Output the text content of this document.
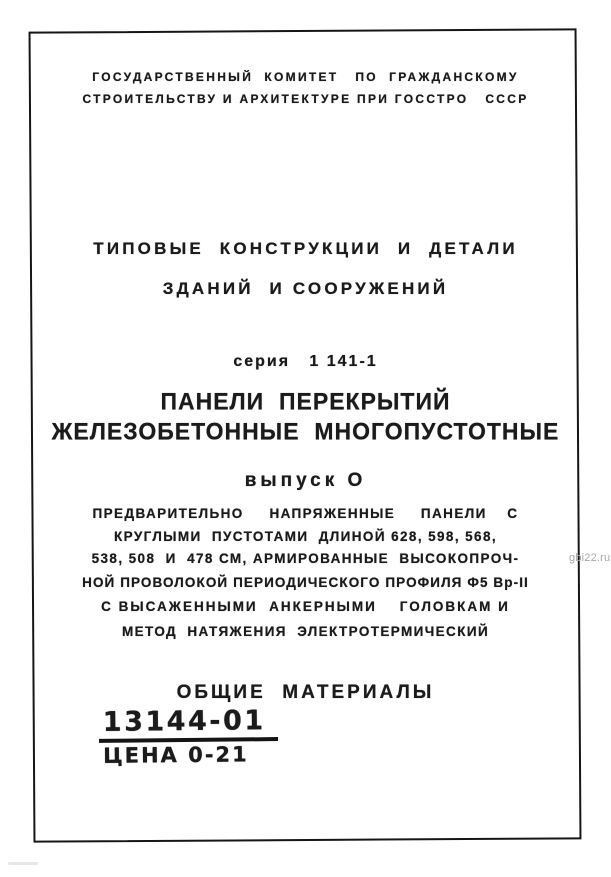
ГОСУДАРСТВЕННЫЙ  КОМИТЕТ   ПО  ГРАЖДАНСКОМУ
СТРОИТЕЛЬСТВУ И АРХИТЕКТУРЕ ПРИ ГОССТРО   СССР
ТИПОВЫЕ  КОНСТРУКЦИИ  И  ДЕТАЛИ
ЗДАНИЙ  И СООРУЖЕНИЙ
серия   1 141-1
ПАНЕЛИ  ПЕРЕКРЫТИЙ
ЖЕЛЕЗОБЕТОННЫЕ  МНОГОПУСТОТНЫЕ
выпуск О
ПРЕДВАРИТЕЛЬНО     НАПРЯЖЕННЫЕ     ПАНЕЛИ    С
КРУГЛЫМИ  ПУСТОТАМИ  ДЛИНОЙ 628, 598, 568,
538, 508  И  478 СМ, АРМИРОВАННЫЕ  ВЫСОКОПРОЧ-
НОЙ ПРОВОЛОКОЙ ПЕРИОДИЧЕСКОГО ПРОФИЛЯ Ф5 Вр-II
С ВЫСАЖЕННЫМИ  АНКЕРНЫМИ    ГОЛОВКАМ И
МЕТОД  НАТЯЖЕНИЯ  ЭЛЕКТРОТЕРМИЧЕСКИЙ
ОБЩИЕ  МАТЕРИАЛЫ
13144-01
ЦЕНА 0-21
gbi22.ru
